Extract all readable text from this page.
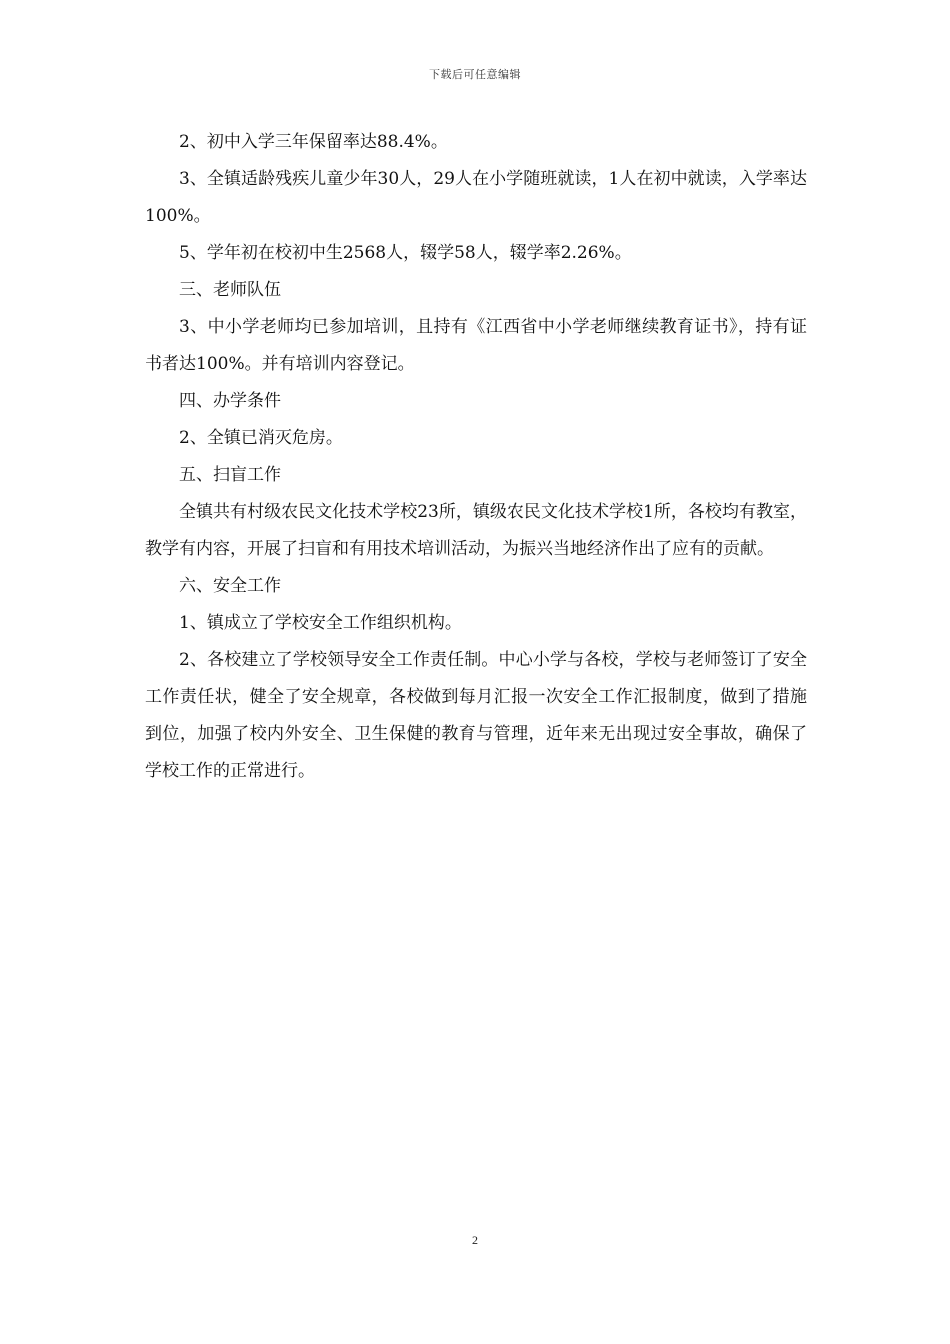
下载后可任意编辑

2、初中入学三年保留率达88.4%。

3、全镇适龄残疾儿童少年30人，29人在小学随班就读，1人在初中就读，入学率达100%。

5、学年初在校初中生2568人，辍学58人，辍学率2.26%。

三、老师队伍

3、中小学老师均已参加培训，且持有《江西省中小学老师继续教育证书》，持有证书者达100%。并有培训内容登记。

四、办学条件

2、全镇已消灭危房。

五、扫盲工作

全镇共有村级农民文化技术学校23所，镇级农民文化技术学校1所，各校均有教室，教学有内容，开展了扫盲和有用技术培训活动，为振兴当地经济作出了应有的贡献。

六、安全工作

1、镇成立了学校安全工作组织机构。

2、各校建立了学校领导安全工作责任制。中心小学与各校，学校与老师签订了安全工作责任状，健全了安全规章，各校做到每月汇报一次安全工作汇报制度，做到了措施到位，加强了校内外安全、卫生保健的教育与管理，近年来无出现过安全事故，确保了学校工作的正常进行。

2
